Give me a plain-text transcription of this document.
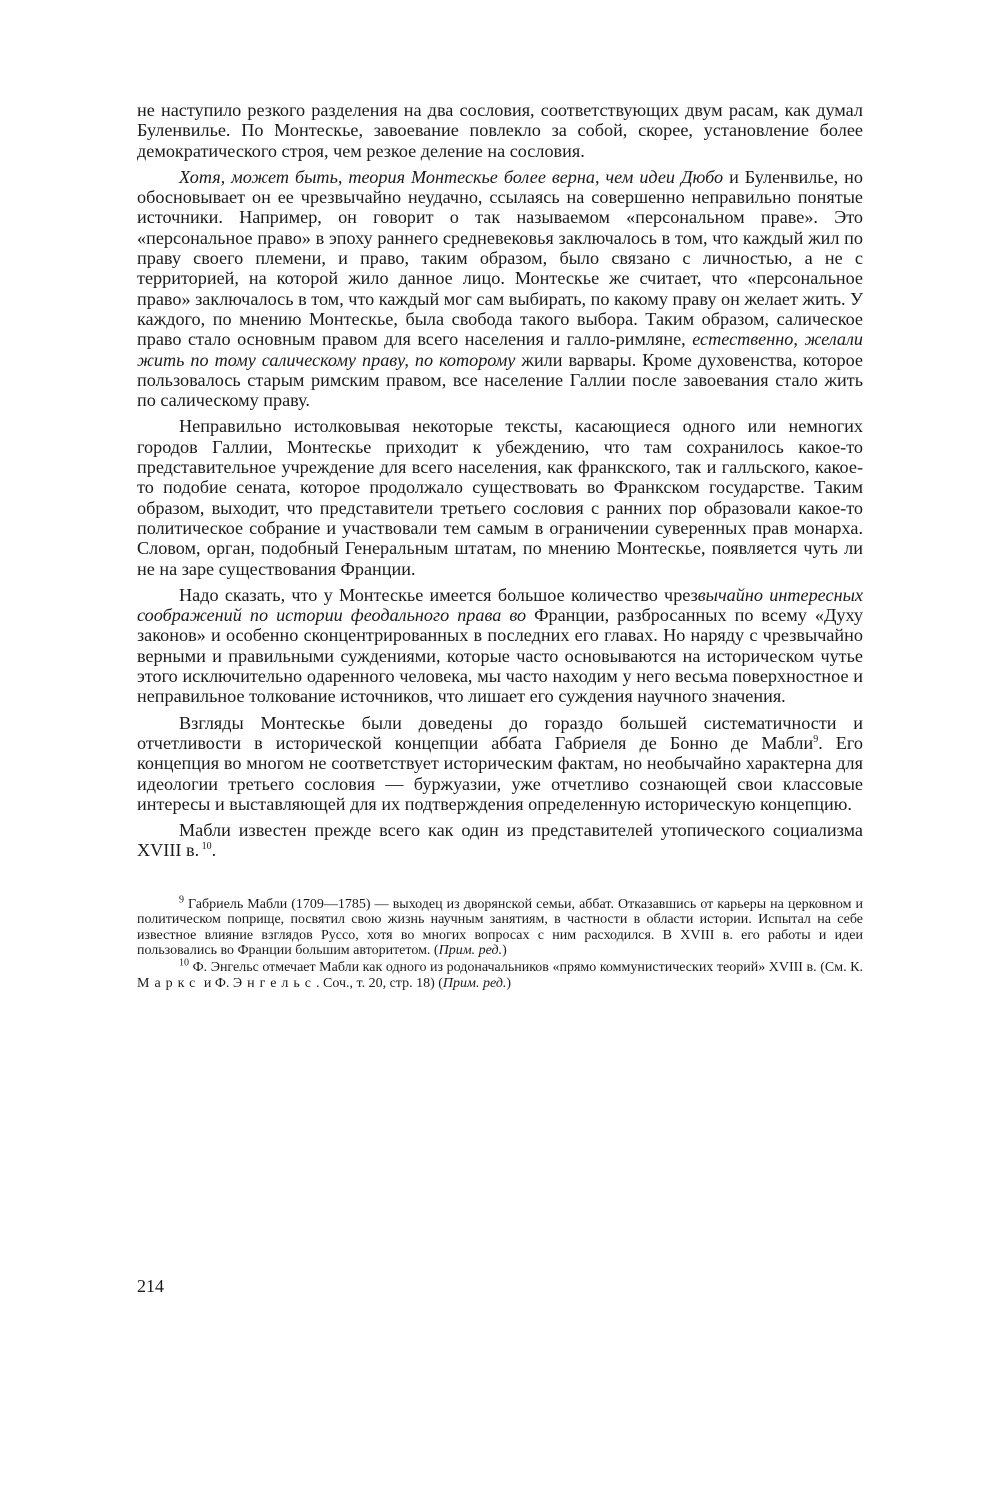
не наступило резкого разделения на два сословия, соответствующих двум расам, как думал Буленвилье. По Монтескье, завоевание повлекло за собой, скорее, установление более демократического строя, чем резкое деление на сословия.

Хотя, может быть, теория Монтескье более верна, чем идеи Дюбо и Буленвилье, но обосновывает он ее чрезвычайно неудачно, ссылаясь на совершенно неправильно понятые источники. Например, он говорит о так называемом «персональном праве». Это «персональное право» в эпоху раннего средневековья заключалось в том, что каждый жил по праву своего племени, и право, таким образом, было связано с личностью, а не с территорией, на которой жило данное лицо. Монтескье же считает, что «персональное право» заключалось в том, что каждый мог сам выбирать, по какому праву он желает жить. У каждого, по мнению Монтескье, была свобода такого выбора. Таким образом, салическое право стало основным правом для всего населения и галло-римляне, естественно, желали жить по тому салическому праву, по которому жили варвары. Кроме духовенства, которое пользовалось старым римским правом, все население Галлии после завоевания стало жить по салическому праву.

Неправильно истолковывая некоторые тексты, касающиеся одного или немногих городов Галлии, Монтескье приходит к убеждению, что там сохранилось какое-то представительное учреждение для всего населения, как франкского, так и галльского, какое-то подобие сената, которое продолжало существовать во Франкском государстве. Таким образом, выходит, что представители третьего сословия с ранних пор образовали какое-то политическое собрание и участвовали тем самым в ограничении суверенных прав монарха. Словом, орган, подобный Генеральным штатам, по мнению Монтескье, появляется чуть ли не на заре существования Франции.

Надо сказать, что у Монтескье имеется большое количество чрезвычайно интересных соображений по истории феодального права во Франции, разбросанных по всему «Духу законов» и особенно сконцентрированных в последних его главах. Но наряду с чрезвычайно верными и правильными суждениями, которые часто основываются на историческом чутье этого исключительно одаренного человека, мы часто находим у него весьма поверхностное и неправильное толкование источников, что лишает его суждения научного значения.

Взгляды Монтескье были доведены до гораздо большей систематичности и отчетливости в исторической концепции аббата Габриеля де Бонно де Мабли$^9$. Его концепция во многом не соответствует историческим фактам, но необычайно характерна для идеологии третьего сословия — буржуазии, уже отчетливо сознающей свои классовые интересы и выставляющей для их подтверждения определенную историческую концепцию.

Мабли известен прежде всего как один из представителей утопического социализма XVIII в. $^{10}$.

$^9$ Габриель Мабли (1709—1785) — выходец из дворянской семьи, аббат. Отказавшись от карьеры на церковном и политическом поприще, посвятил свою жизнь научным занятиям, в частности в области истории. Испытал на себе известное влияние взглядов Руссо, хотя во многих вопросах с ним расходился. В XVIII в. его работы и идеи пользовались во Франции большим авторитетом. (Прим. ред.)

$^{10}$ Ф. Энгельс отмечает Мабли как одного из родоначальников «прямо коммунистических теорий» XVIII в. (См. К. Маркс и Ф. Энгельс. Соч., т. 20, стр. 18) (Прим. ред.)

214
